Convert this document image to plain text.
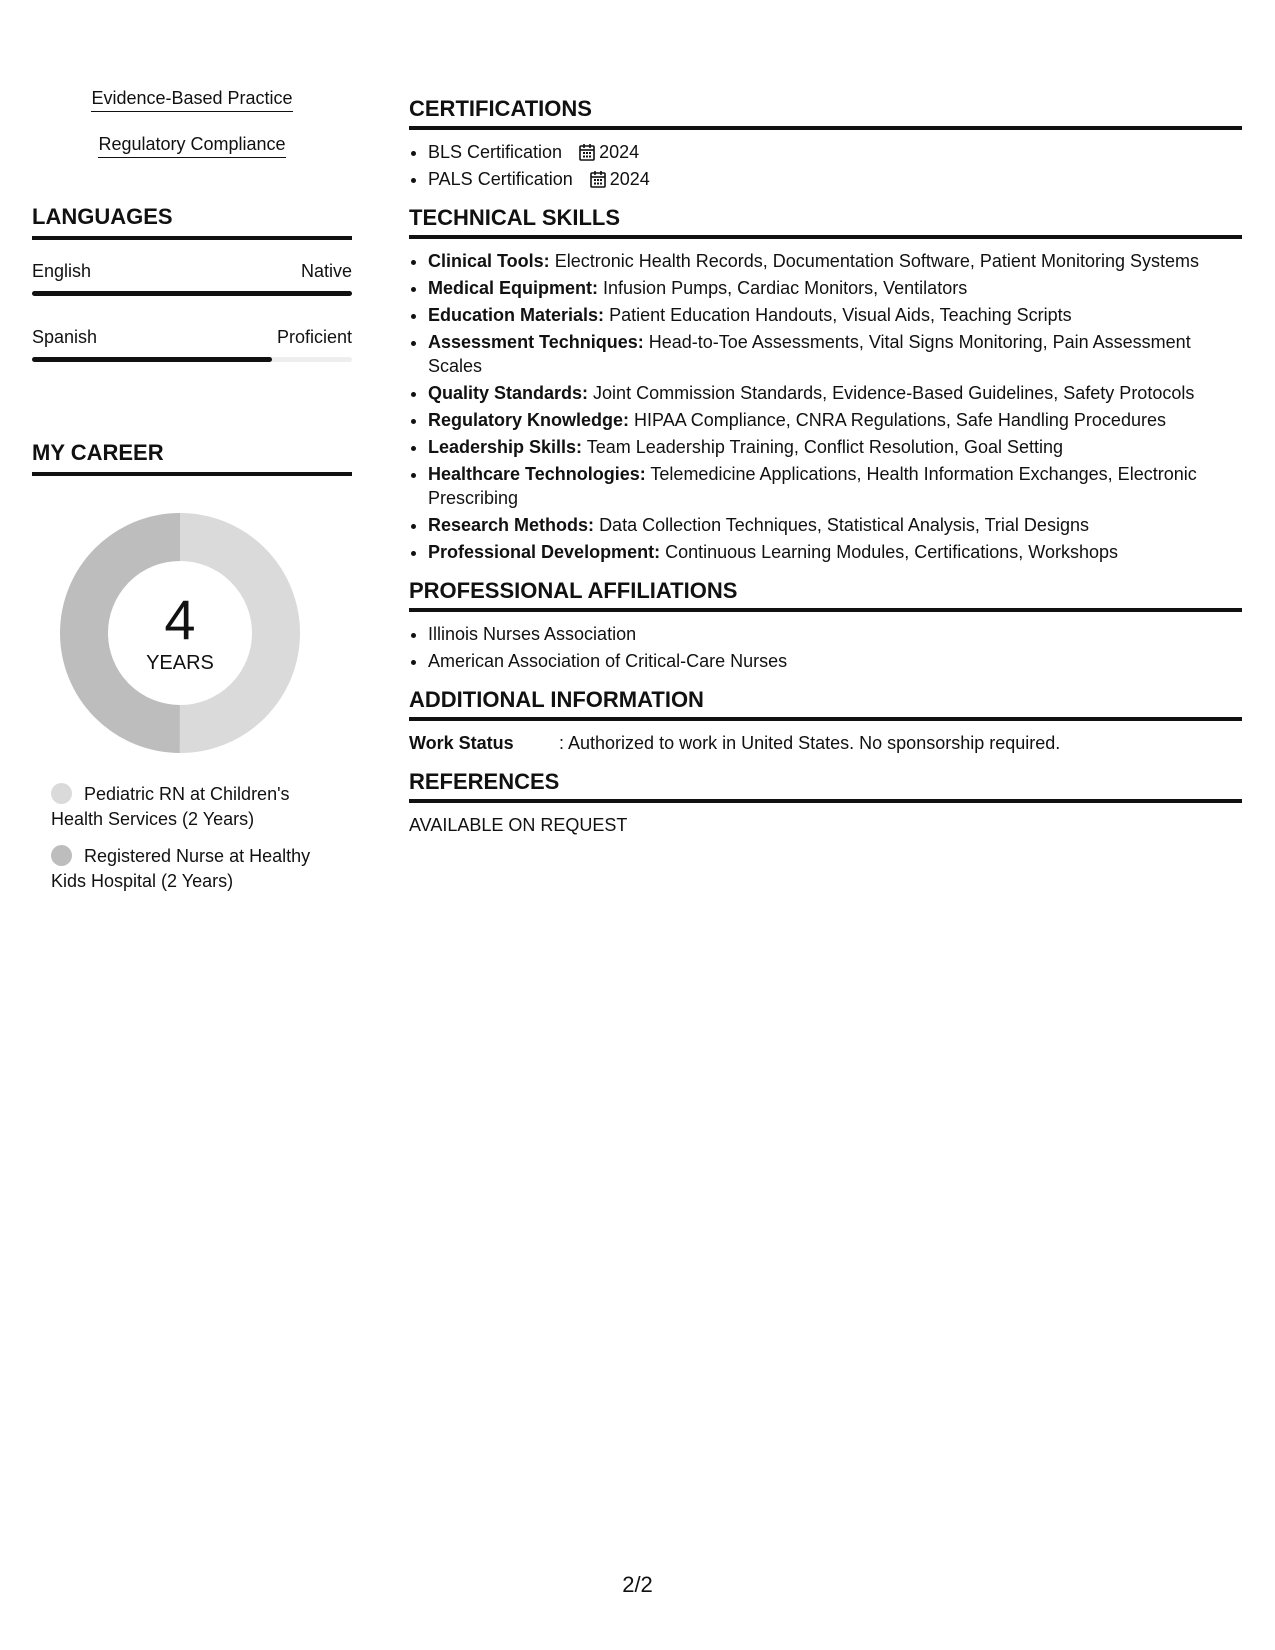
Evidence-Based Practice
Regulatory Compliance
LANGUAGES
English	Native
Spanish	Proficient
MY CAREER
4
YEARS
Pediatric RN at Children's Health Services (2 Years)
Registered Nurse at Healthy Kids Hospital (2 Years)
CERTIFICATIONS
• BLS Certification 2024
• PALS Certification 2024
TECHNICAL SKILLS
• Clinical Tools: Electronic Health Records, Documentation Software, Patient Monitoring Systems
• Medical Equipment: Infusion Pumps, Cardiac Monitors, Ventilators
• Education Materials: Patient Education Handouts, Visual Aids, Teaching Scripts
• Assessment Techniques: Head-to-Toe Assessments, Vital Signs Monitoring, Pain Assessment Scales
• Quality Standards: Joint Commission Standards, Evidence-Based Guidelines, Safety Protocols
• Regulatory Knowledge: HIPAA Compliance, CNRA Regulations, Safe Handling Procedures
• Leadership Skills: Team Leadership Training, Conflict Resolution, Goal Setting
• Healthcare Technologies: Telemedicine Applications, Health Information Exchanges, Electronic Prescribing
• Research Methods: Data Collection Techniques, Statistical Analysis, Trial Designs
• Professional Development: Continuous Learning Modules, Certifications, Workshops
PROFESSIONAL AFFILIATIONS
• Illinois Nurses Association
• American Association of Critical-Care Nurses
ADDITIONAL INFORMATION
Work Status	: Authorized to work in United States. No sponsorship required.
REFERENCES
AVAILABLE ON REQUEST
2/2
